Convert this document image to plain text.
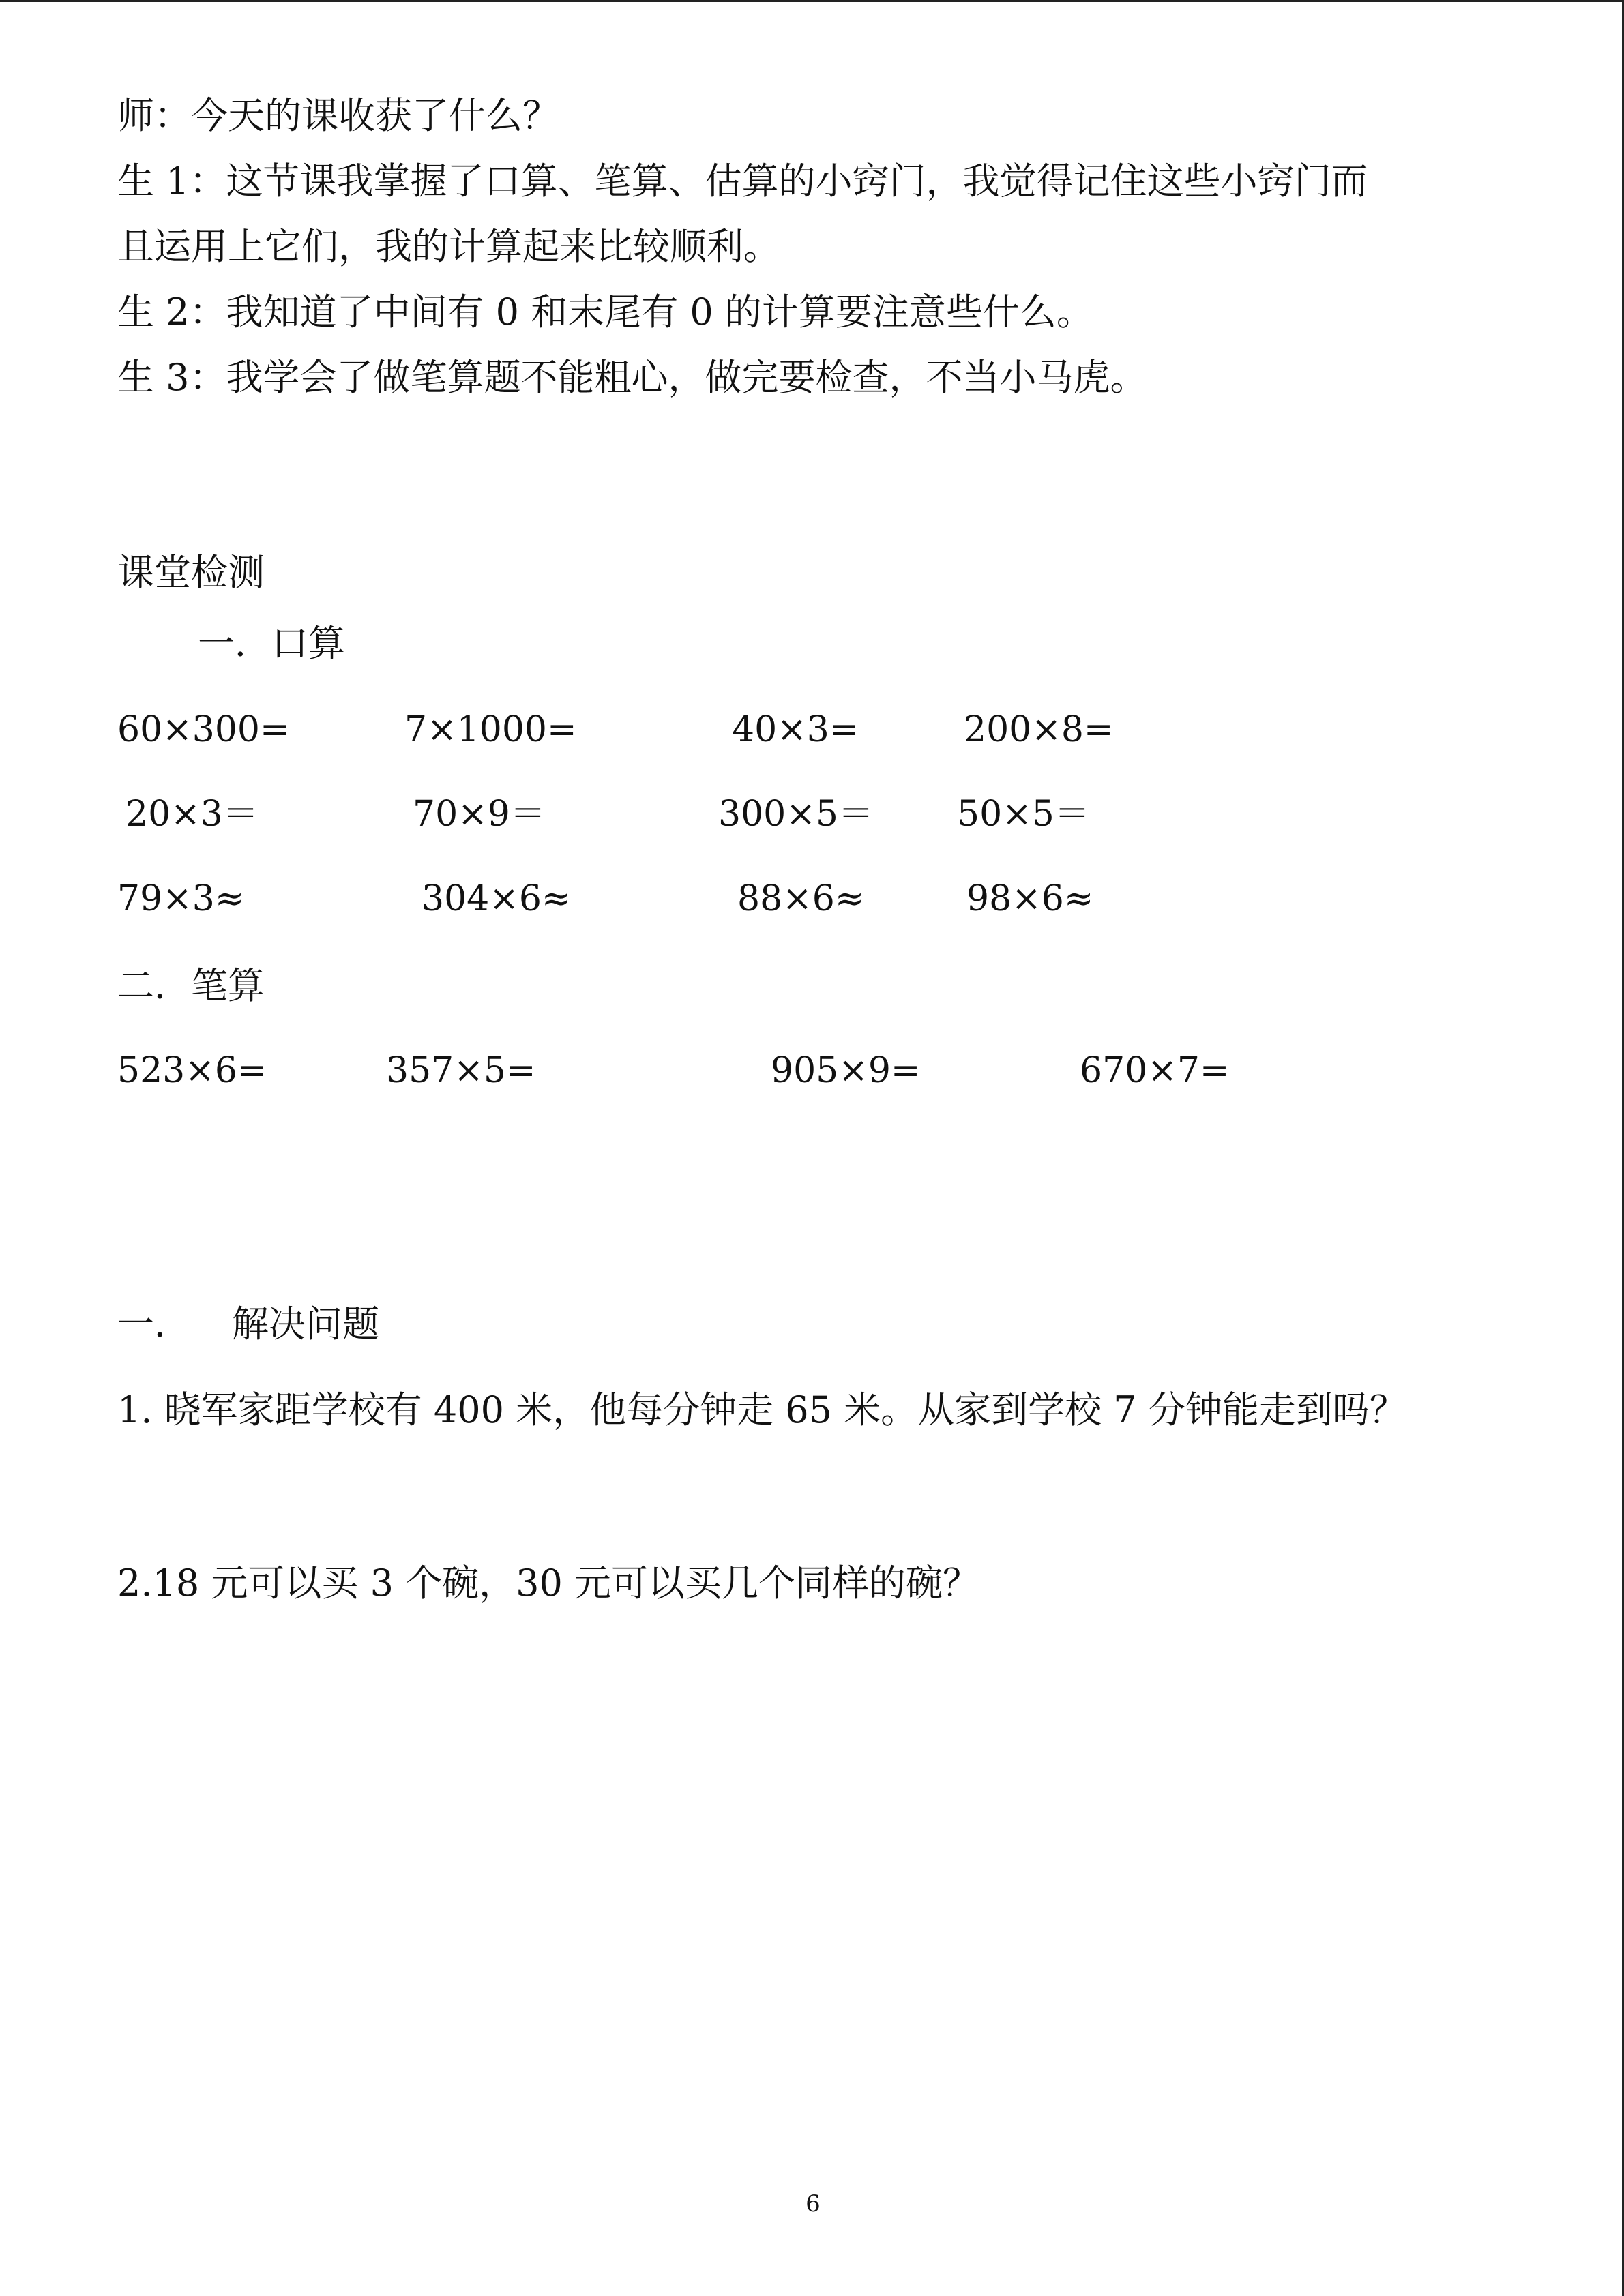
师：今天的课收获了什么？
生 1：这节课我掌握了口算、笔算、估算的小窍门，我觉得记住这些小窍门而
且运用上它们，我的计算起来比较顺利。
生 2：我知道了中间有 0 和末尾有 0 的计算要注意些什么。
生 3：我学会了做笔算题不能粗心，做完要检查，不当小马虎。
课堂检测
一．口算
60×300=	7×1000=	40×3=	200×8=
20×3＝	70×9＝	300×5＝ 50×5＝
79×3≈	304×6≈	88×6≈	98×6≈
二．笔算
523×6=	357×5=	905×9=	670×7=
一． 解决问题
1. 晓军家距学校有 400 米，他每分钟走 65 米。从家到学校 7 分钟能走到吗？
2.18 元可以买 3 个碗，30 元可以买几个同样的碗？
6
